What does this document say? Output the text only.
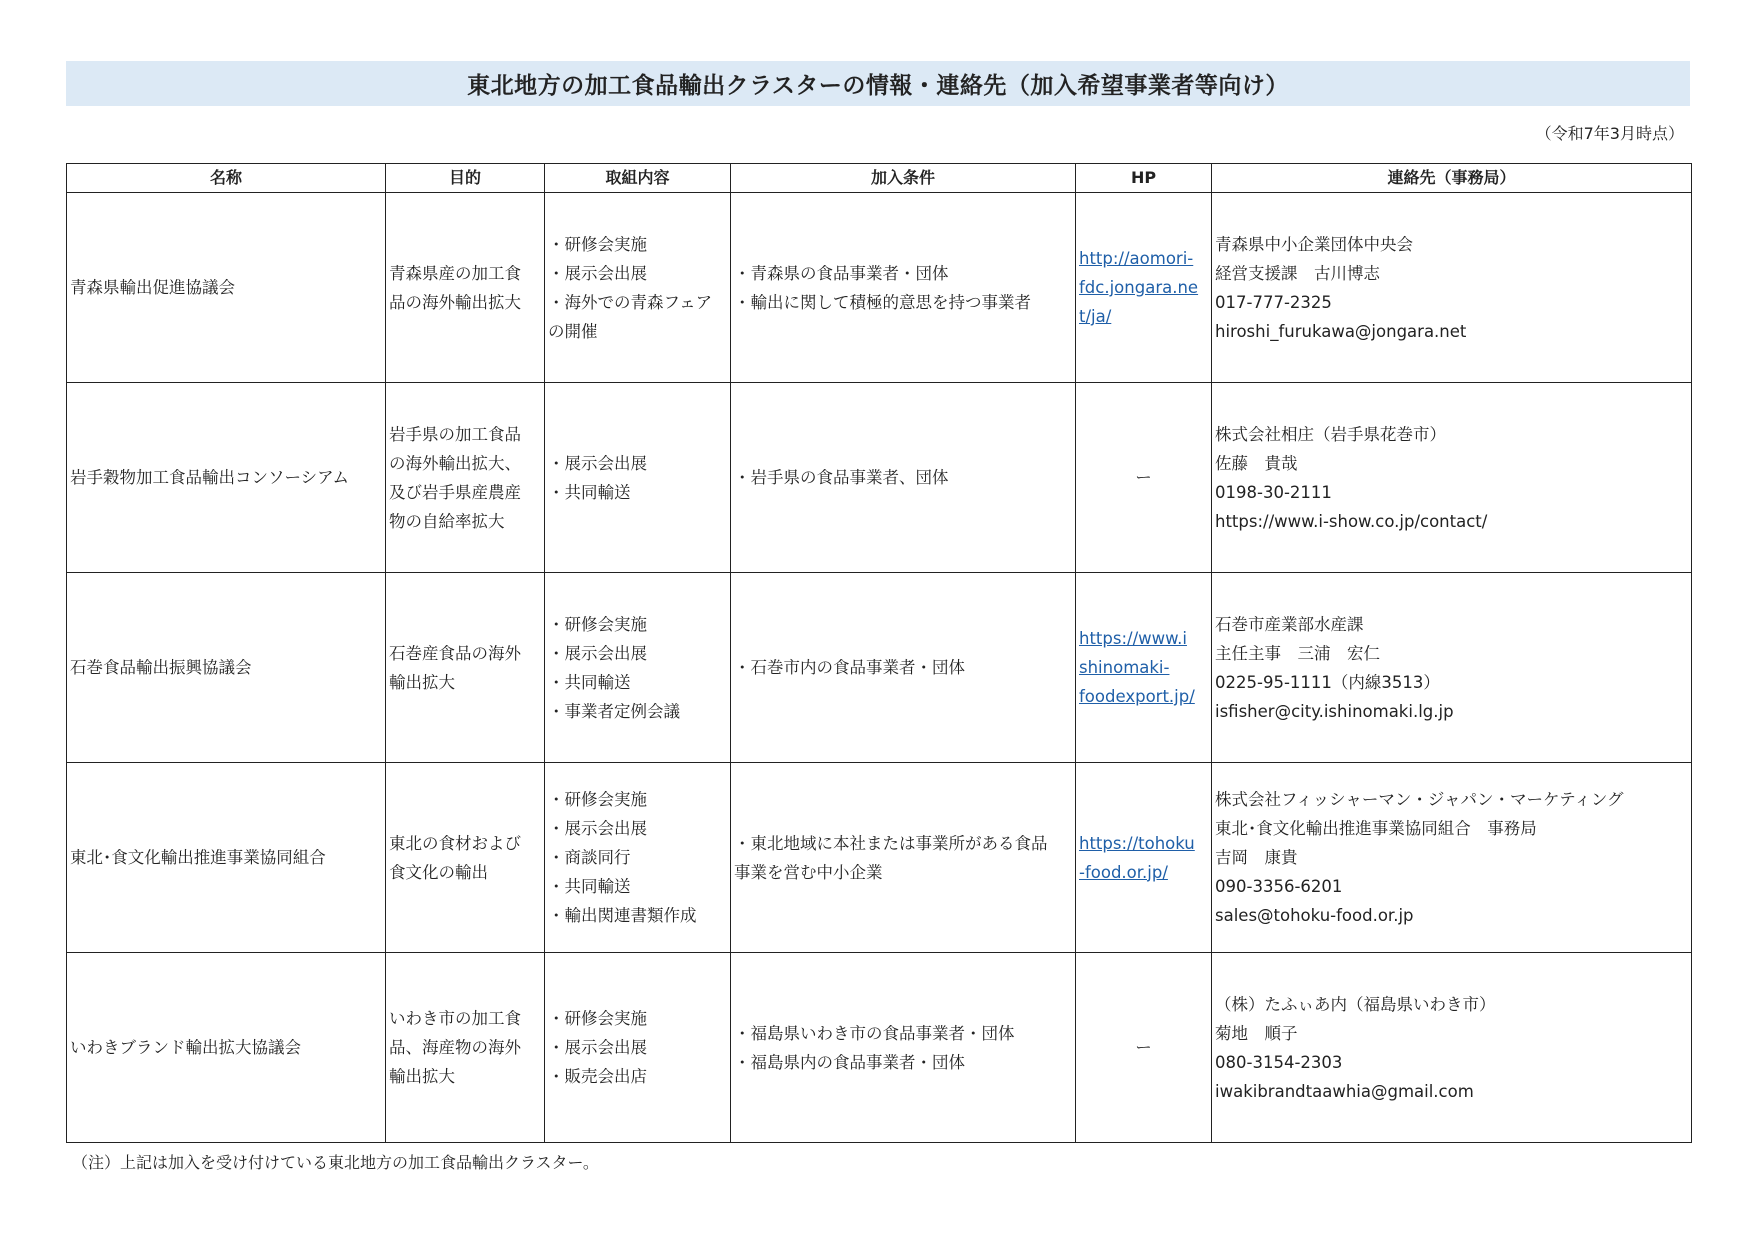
東北地方の加工食品輸出クラスターの情報・連絡先（加入希望事業者等向け）
（令和7年3月時点）
名称	目的	取組内容	加入条件	HP	連絡先（事務局）
青森県輸出促進協議会	青森県産の加工食
品の海外輸出拡大	・研修会実施
・展示会出展
・海外での青森フェア
の開催	・青森県の食品事業者・団体
・輸出に関して積極的意思を持つ事業者	http://aomori-
fdc.jongara.ne
t/ja/	青森県中小企業団体中央会
経営支援課　古川博志
017-777-2325
hiroshi_furukawa@jongara.net

岩手穀物加工食品輸出コンソーシアム	岩手県の加工食品
の海外輸出拡大、
及び岩手県産農産
物の自給率拡大	・展示会出展
・共同輸送	・岩手県の食品事業者、団体	ー	株式会社相庄（岩手県花巻市）
佐藤　貴哉
0198-30-2111
https://www.i-show.co.jp/contact/

石巻食品輸出振興協議会	石巻産食品の海外
輸出拡大	・研修会実施
・展示会出展
・共同輸送
・事業者定例会議	・石巻市内の食品事業者・団体	https://www.i
shinomaki-
foodexport.jp/	石巻市産業部水産課
主任主事　三浦　宏仁
0225-95-1111（内線3513）
isfisher@city.ishinomaki.lg.jp

東北･食文化輸出推進事業協同組合	東北の食材および
食文化の輸出	・研修会実施
・展示会出展
・商談同行
・共同輸送
・輸出関連書類作成	・東北地域に本社または事業所がある食品
事業を営む中小企業	https://tohoku
-food.or.jp/	株式会社フィッシャーマン・ジャパン・マーケティング
東北･食文化輸出推進事業協同組合　事務局
吉岡　康貴
090-3356-6201
sales@tohoku-food.or.jp

いわきブランド輸出拡大協議会	いわき市の加工食
品、海産物の海外
輸出拡大	・研修会実施
・展示会出展
・販売会出店	・福島県いわき市の食品事業者・団体
・福島県内の食品事業者・団体	ー	（株）たふぃあ内（福島県いわき市）
菊地　順子
080-3154-2303
iwakibrandtaawhia@gmail.com
（注）上記は加入を受け付けている東北地方の加工食品輸出クラスター。
